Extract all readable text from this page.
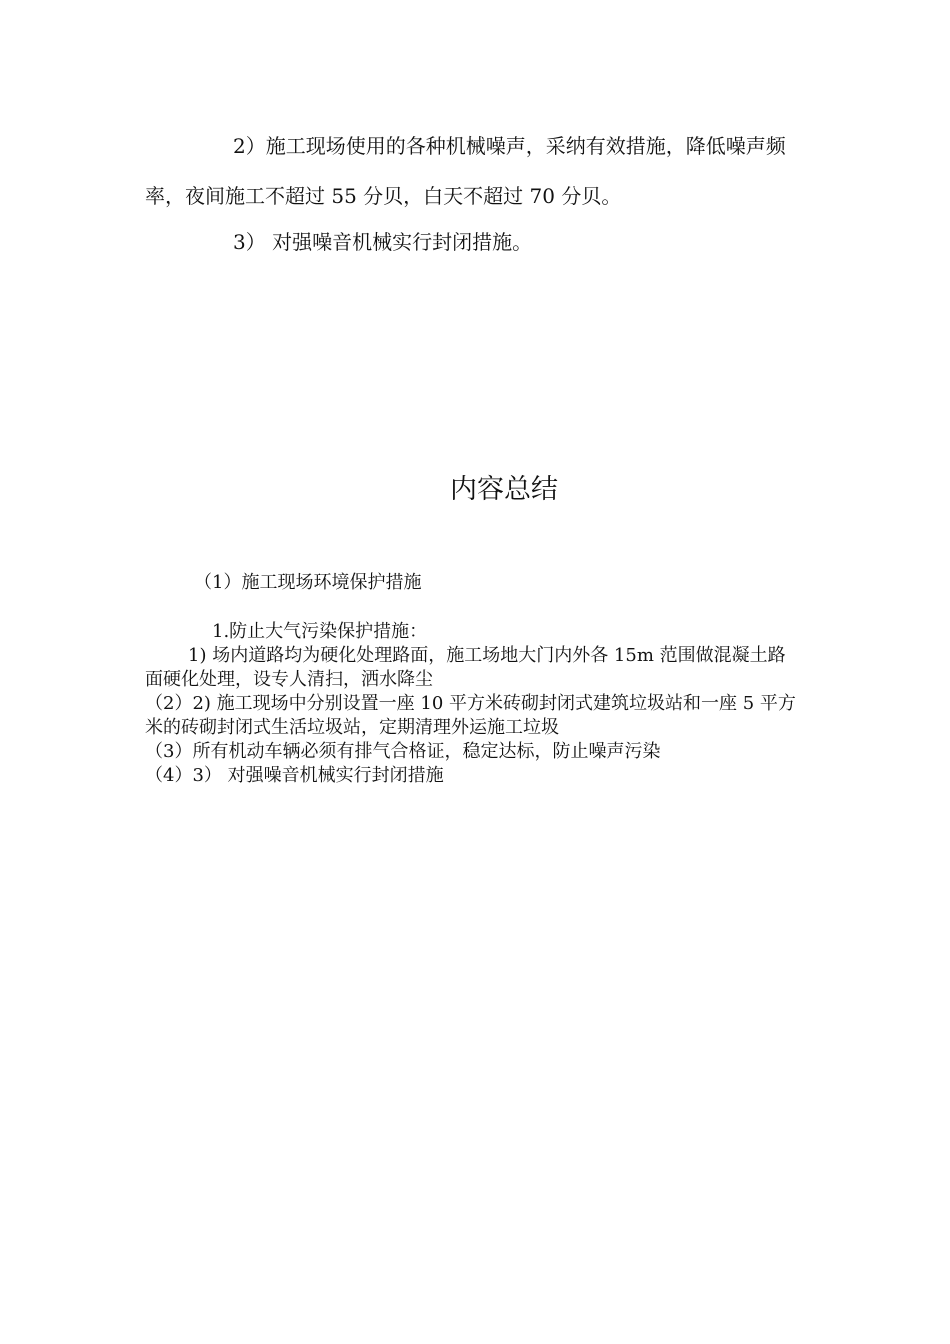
2）施工现场使用的各种机械噪声，采纳有效措施，降低噪声频率，夜间施工不超过 55 分贝，白天不超过 70 分贝。

3） 对强噪音机械实行封闭措施。

内容总结

（1）施工现场环境保护措施

1.防止大气污染保护措施：

1) 场内道路均为硬化处理路面，施工场地大门内外各 15m 范围做混凝土路面硬化处理，设专人清扫，洒水降尘

（2）2) 施工现场中分别设置一座 10 平方米砖砌封闭式建筑垃圾站和一座 5 平方米的砖砌封闭式生活垃圾站，定期清理外运施工垃圾

（3）所有机动车辆必须有排气合格证，稳定达标，防止噪声污染

（4）3） 对强噪音机械实行封闭措施
